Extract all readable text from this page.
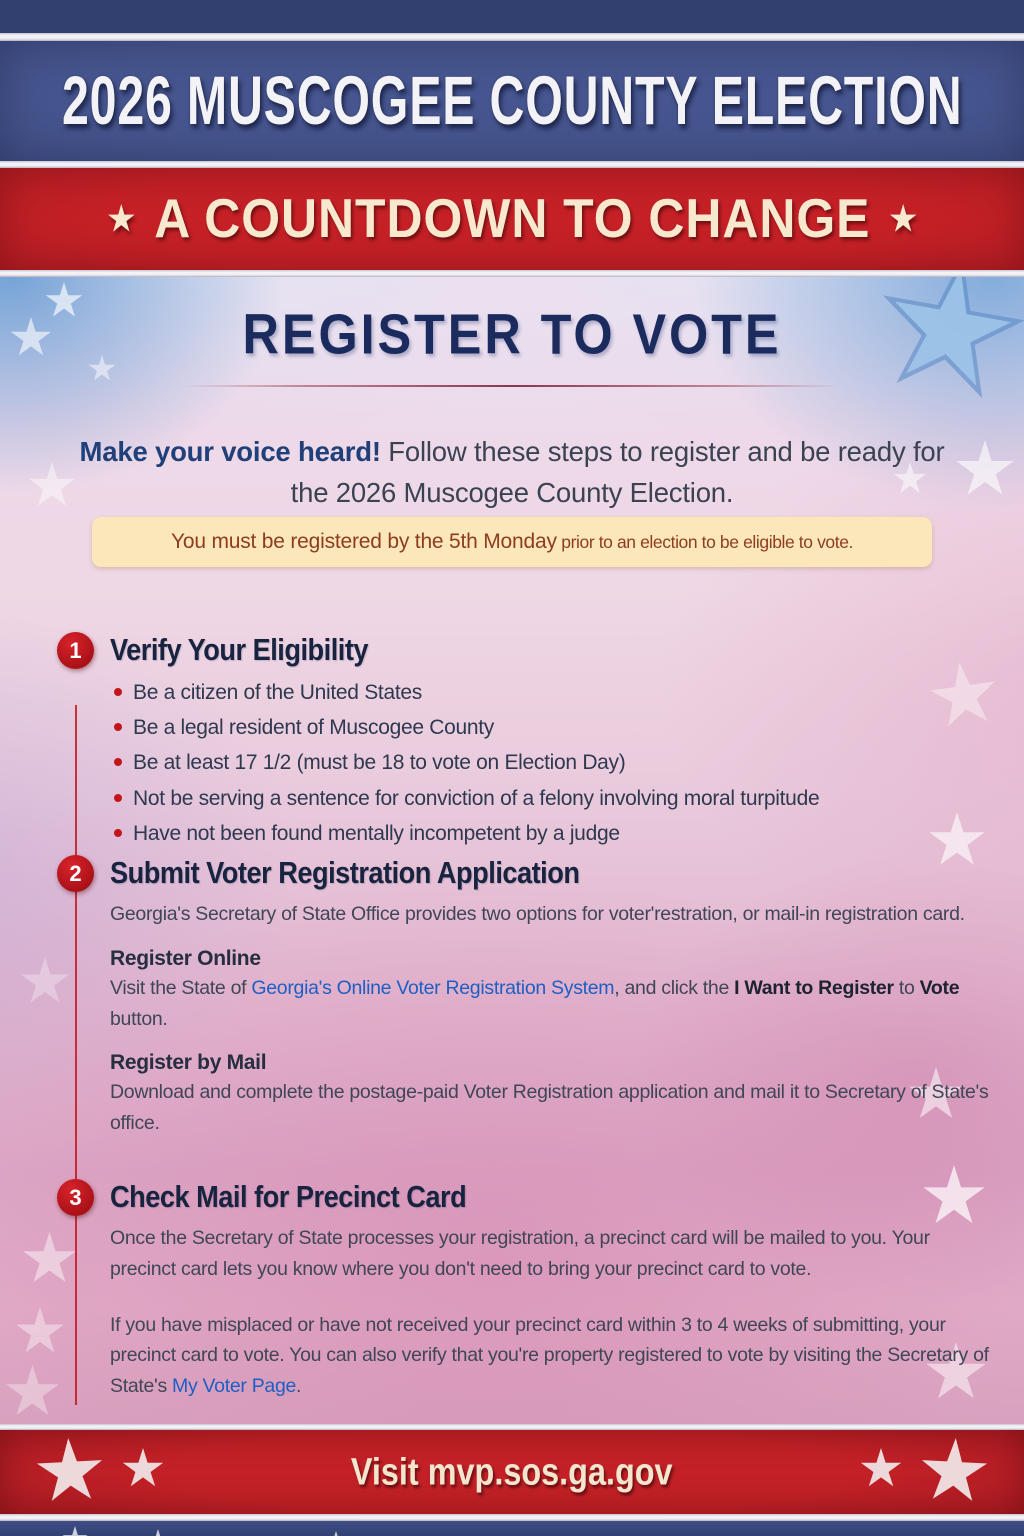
2026 MUSCOGEE COUNTY ELECTION
★ A COUNTDOWN TO CHANGE ★
REGISTER TO VOTE

Make your voice heard! Follow these steps to register and be ready for the 2026 Muscogee County Election.

You must be registered by the 5th Monday prior to an election to be eligible to vote.
1	Verify Your Eligibility
Be a citizen of the United States
Be a legal resident of Muscogee County
Be at least 17 1/2 (must be 18 to vote on Election Day)
Not be serving a sentence for conviction of a felony involving moral turpitude
Have not been found mentally incompetent by a judge
2	Submit Voter Registration Application

Georgia's Secretary of State Office provides two options for voter'restration, or mail-in registration card.

Register Online

Visit the State of Georgia's Online Voter Registration System, and click the I Want to Register to Vote button.

Register by Mail

Download and complete the postage-paid Voter Registration application and mail it to Secretary of State's office.

3	Check Mail for Precinct Card

Once the Secretary of State processes your registration, a precinct card will be mailed to you. Your precinct card lets you know where you don't need to bring your precinct card to vote.

If you have misplaced or have not received your precinct card within 3 to 4 weeks of submitting, your precinct card to vote. You can also verify that you're property registered to vote by visiting the Secretary of State's My Voter Page.

Visit mvp.sos.ga.gov
